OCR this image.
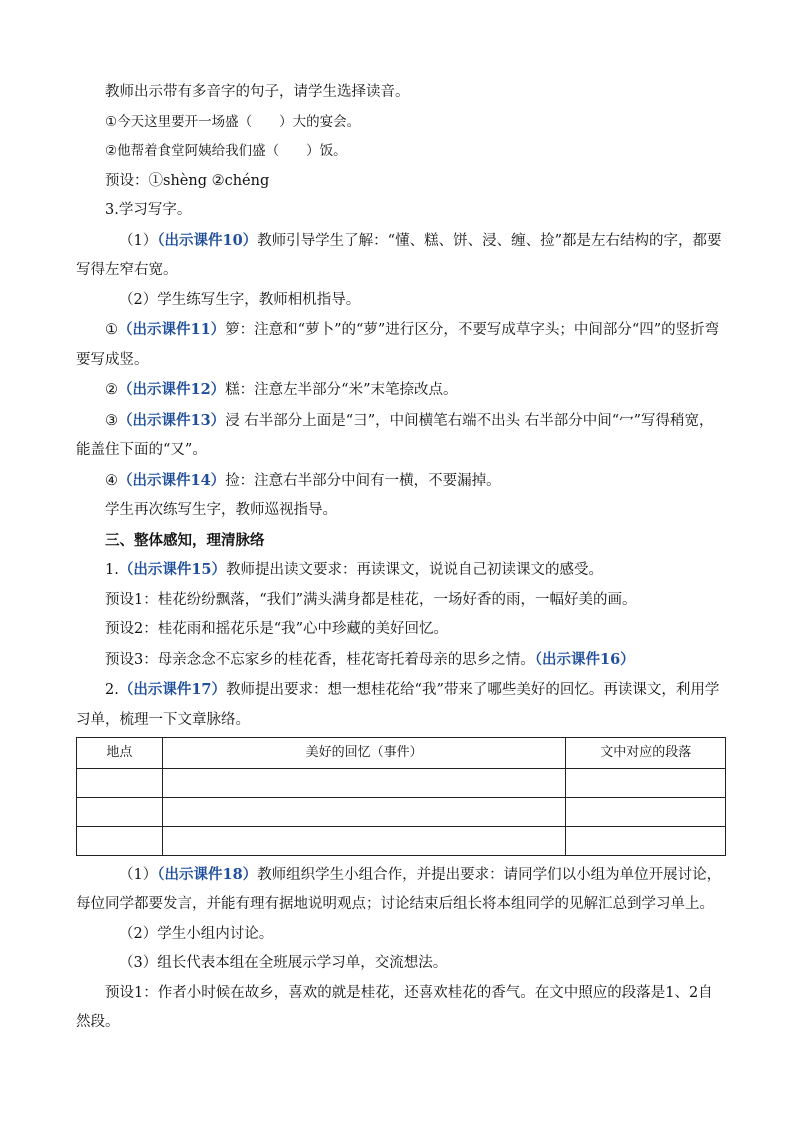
教师出示带有多音字的句子，请学生选择读音。

①今天这里要开一场盛（　　）大的宴会。

②他帮着食堂阿姨给我们盛（　　）饭。

预设：①shèng ②chéng

3.学习写字。

（1）（出示课件10）教师引导学生了解：“懂、糕、饼、浸、缠、捡”都是左右结构的字，都要写得左窄右宽。

（2）学生练写生字，教师相机指导。

①（出示课件11）箩：注意和“萝卜”的“萝”进行区分，不要写成草字头；中间部分“四”的竖折弯要写成竖。

②（出示课件12）糕：注意左半部分“米”末笔捺改点。

③（出示课件13）浸 右半部分上面是“彐”，中间横笔右端不出头 右半部分中间“冖”写得稍宽，能盖住下面的“又”。

④（出示课件14）捡：注意右半部分中间有一横，不要漏掉。

学生再次练写生字，教师巡视指导。

三、整体感知，理清脉络

1.（出示课件15）教师提出读文要求：再读课文，说说自己初读课文的感受。

预设1：桂花纷纷飘落，“我们”满头满身都是桂花，一场好香的雨，一幅好美的画。

预设2：桂花雨和摇花乐是“我”心中珍藏的美好回忆。

预设3：母亲念念不忘家乡的桂花香，桂花寄托着母亲的思乡之情。（出示课件16）

2.（出示课件17）教师提出要求：想一想桂花给“我”带来了哪些美好的回忆。再读课文，利用学习单，梳理一下文章脉络。

地点	美好的回忆（事件）	文中对应的段落

（1）（出示课件18）教师组织学生小组合作，并提出要求：请同学们以小组为单位开展讨论，每位同学都要发言，并能有理有据地说明观点；讨论结束后组长将本组同学的见解汇总到学习单上。

（2）学生小组内讨论。

（3）组长代表本组在全班展示学习单，交流想法。

预设1：作者小时候在故乡，喜欢的就是桂花，还喜欢桂花的香气。在文中照应的段落是1、2自然段。
